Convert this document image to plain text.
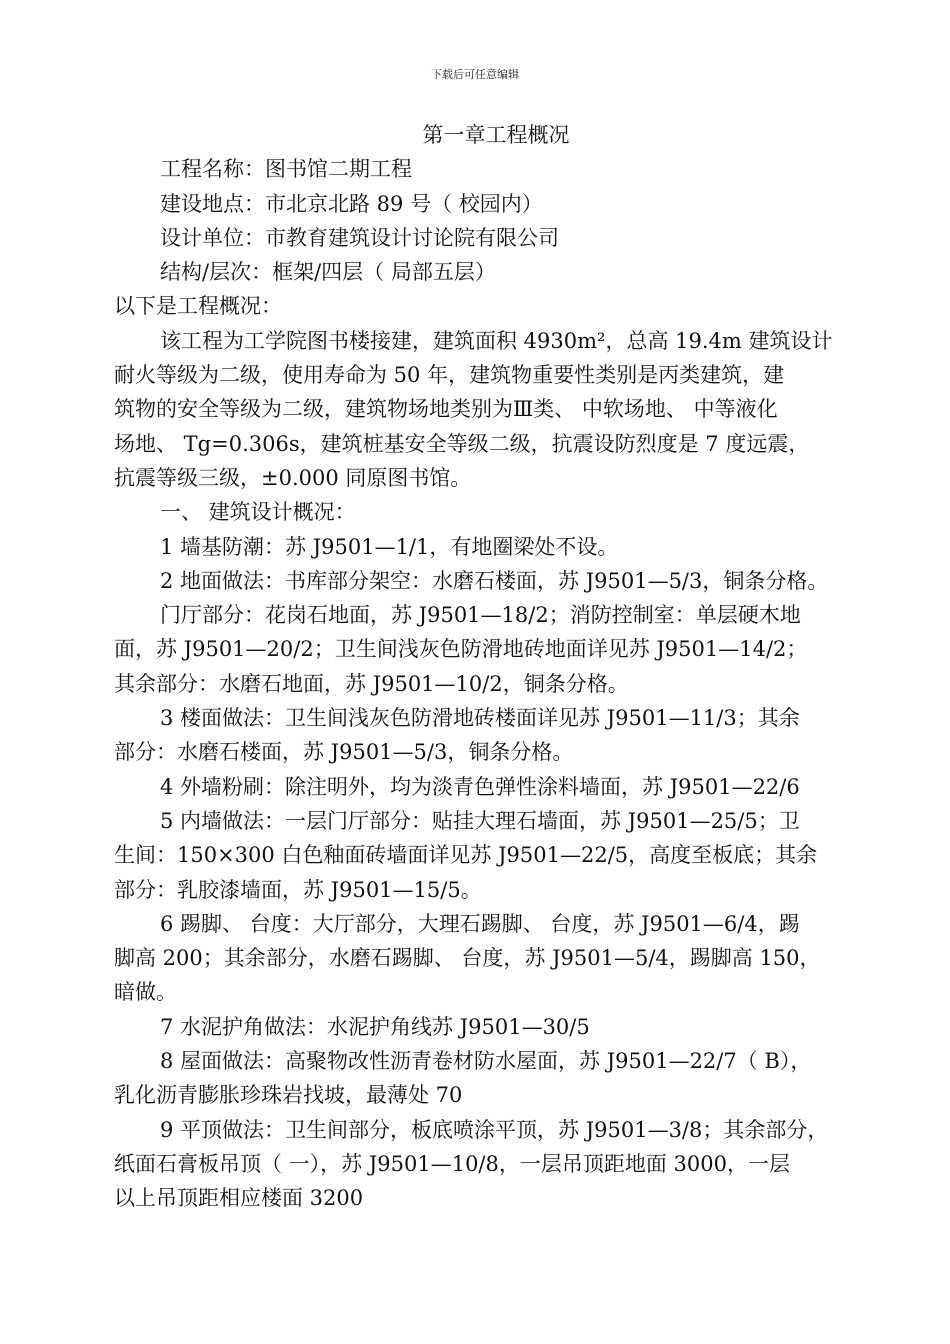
下载后可任意编辑

第一章工程概况

工程名称：图书馆二期工程

建设地点：市北京北路 89 号（ 校园内）

设计单位：市教育建筑设计讨论院有限公司

结构/层次：框架/四层（ 局部五层）

以下是工程概况：

该工程为工学院图书楼接建，建筑面积 4930m²，总高 19.4m 建筑设计

耐火等级为二级，使用寿命为 50 年，建筑物重要性类别是丙类建筑，建

筑物的安全等级为二级，建筑物场地类别为Ⅲ类、 中软场地、 中等液化

场地、 Tg=0.306s，建筑桩基安全等级二级，抗震设防烈度是 7 度远震，

抗震等级三级，±0.000 同原图书馆。

一、 建筑设计概况：

1 墙基防潮：苏 J9501—1/1，有地圈梁处不设。

2 地面做法：书库部分架空：水磨石楼面，苏 J9501—5/3，铜条分格。

门厅部分：花岗石地面，苏 J9501—18/2；消防控制室：单层硬木地

面，苏 J9501—20/2；卫生间浅灰色防滑地砖地面详见苏 J9501—14/2；

其余部分：水磨石地面，苏 J9501—10/2，铜条分格。

3 楼面做法：卫生间浅灰色防滑地砖楼面详见苏 J9501—11/3；其余

部分：水磨石楼面，苏 J9501—5/3，铜条分格。

4 外墙粉刷：除注明外，均为淡青色弹性涂料墙面，苏 J9501—22/6

5 内墙做法：一层门厅部分：贴挂大理石墙面，苏 J9501—25/5；卫

生间：150×300 白色釉面砖墙面详见苏 J9501—22/5，高度至板底；其余

部分：乳胶漆墙面，苏 J9501—15/5。

6 踢脚、 台度：大厅部分，大理石踢脚、 台度，苏 J9501—6/4，踢

脚高 200；其余部分，水磨石踢脚、 台度，苏 J9501—5/4，踢脚高 150，

暗做。

7 水泥护角做法：水泥护角线苏 J9501—30/5

8 屋面做法：高聚物改性沥青卷材防水屋面，苏 J9501—22/7（ B），

乳化沥青膨胀珍珠岩找坡，最薄处 70

9 平顶做法：卫生间部分，板底喷涂平顶，苏 J9501—3/8；其余部分，

纸面石膏板吊顶（ 一），苏 J9501—10/8，一层吊顶距地面 3000，一层

以上吊顶距相应楼面 3200
